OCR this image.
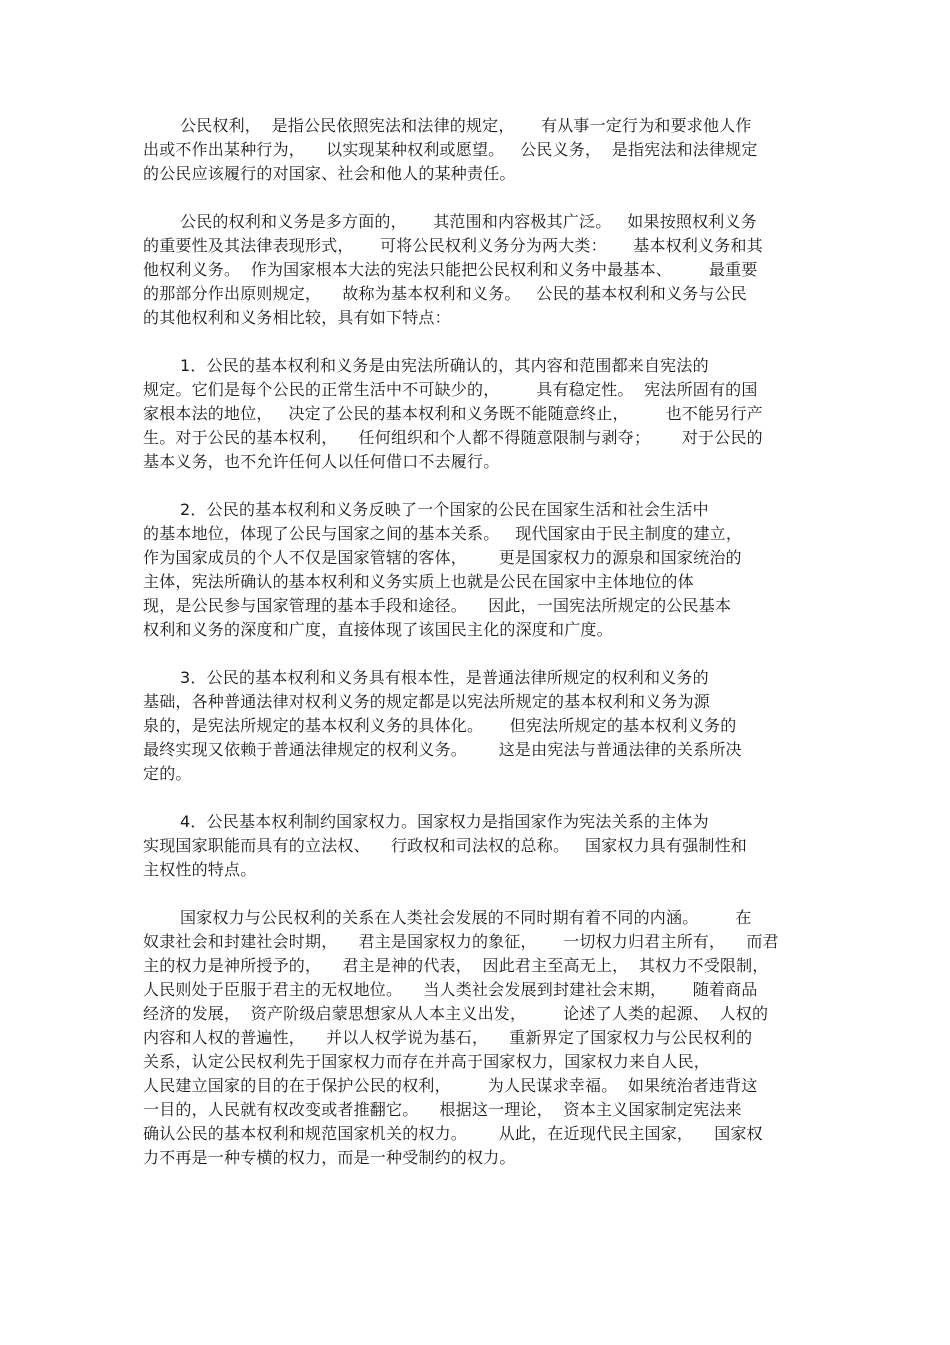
公民权利，  是指公民依照宪法和法律的规定，     有从事一定行为和要求他人作
出或不作出某种行为，    以实现某种权利或愿望。   公民义务，  是指宪法和法律规定
的公民应该履行的对国家、社会和他人的某种责任。
公民的权利和义务是多方面的，     其范围和内容极其广泛。   如果按照权利义务
的重要性及其法律表现形式，     可将公民权利义务分为两大类：     基本权利义务和其
他权利义务。  作为国家根本大法的宪法只能把公民权利和义务中最基本、       最重要
的那部分作出原则规定，    故称为基本权利和义务。   公民的基本权利和义务与公民
的其他权利和义务相比较，具有如下特点：
1．公民的基本权利和义务是由宪法所确认的，其内容和范围都来自宪法的
规定。它们是每个公民的正常生活中不可缺少的，       具有稳定性。  宪法所固有的国
家根本法的地位，   决定了公民的基本权利和义务既不能随意终止，       也不能另行产
生。对于公民的基本权利，    任何组织和个人都不得随意限制与剥夺；      对于公民的
基本义务，也不允许任何人以任何借口不去履行。
2．公民的基本权利和义务反映了一个国家的公民在国家生活和社会生活中
的基本地位，体现了公民与国家之间的基本关系。   现代国家由于民主制度的建立，
作为国家成员的个人不仅是国家管辖的客体，      更是国家权力的源泉和国家统治的
主体，宪法所确认的基本权利和义务实质上也就是公民在国家中主体地位的体
现，是公民参与国家管理的基本手段和途径。    因此，一国宪法所规定的公民基本
权利和义务的深度和广度，直接体现了该国民主化的深度和广度。
3．公民的基本权利和义务具有根本性，是普通法律所规定的权利和义务的
基础，各种普通法律对权利义务的规定都是以宪法所规定的基本权利和义务为源
泉的，是宪法所规定的基本权利义务的具体化。     但宪法所规定的基本权利义务的
最终实现又依赖于普通法律规定的权利义务。      这是由宪法与普通法律的关系所决
定的。
4．公民基本权利制约国家权力。国家权力是指国家作为宪法关系的主体为
实现国家职能而具有的立法权、    行政权和司法权的总称。   国家权力具有强制性和
主权性的特点。
国家权力与公民权利的关系在人类社会发展的不同时期有着不同的内涵。       在
奴隶社会和封建社会时期，    君主是国家权力的象征，     一切权力归君主所有，    而君
主的权力是神所授予的，    君主是神的代表，  因此君主至高无上，  其权力不受限制，
人民则处于臣服于君主的无权地位。    当人类社会发展到封建社会末期，     随着商品
经济的发展，  资产阶级启蒙思想家从人本主义出发，       论述了人类的起源、  人权的
内容和人权的普遍性，    并以人权学说为基石，    重新界定了国家权力与公民权利的
关系，认定公民权利先于国家权力而存在并高于国家权力，国家权力来自人民，
人民建立国家的目的在于保护公民的权利，       为人民谋求幸福。  如果统治者违背这
一目的，人民就有权改变或者推翻它。    根据这一理论，  资本主义国家制定宪法来
确认公民的基本权利和规范国家机关的权力。      从此，在近现代民主国家，    国家权
力不再是一种专横的权力，而是一种受制约的权力。
